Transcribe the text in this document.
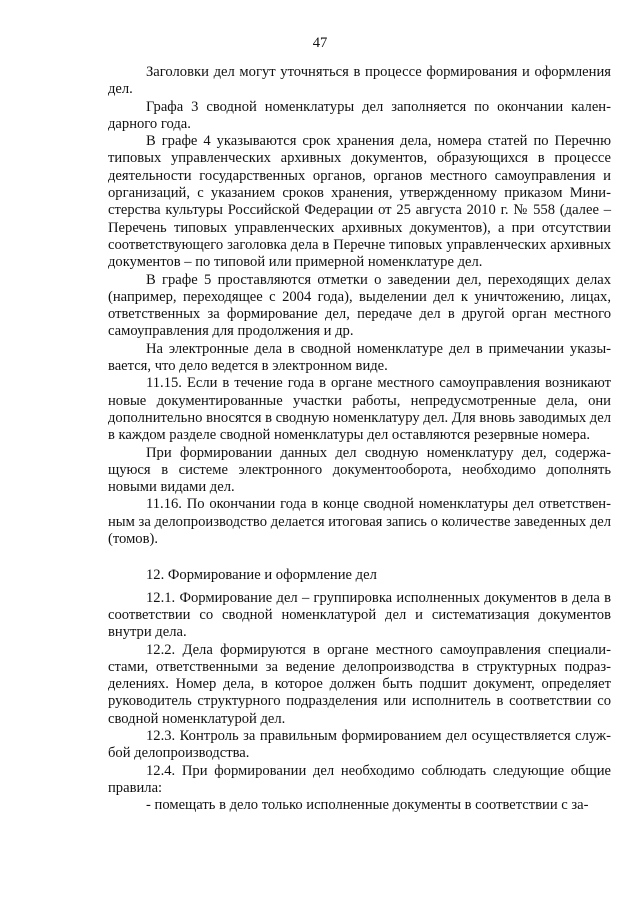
47

Заголовки дел могут уточняться в процессе формирования и оформления дел.

Графа 3 сводной номенклатуры дел заполняется по окончании календарного года.

В графе 4 указываются срок хранения дела, номера статей по Перечню типовых управленческих архивных документов, образующихся в процессе деятельности государственных органов, органов местного самоуправления и организаций, с указанием сроков хранения, утвержденному приказом Министерства культуры Российской Федерации от 25 августа 2010 г. № 558 (далее – Перечень типовых управленческих архивных документов), а при отсутствии соответствующего заголовка дела в Перечне типовых управленческих архивных документов – по типовой или примерной номенклатуре дел.

В графе 5 проставляются отметки о заведении дел, переходящих делах (например, переходящее с 2004 года), выделении дел к уничтожению, лицах, ответственных за формирование дел, передаче дел в другой орган местного самоуправления для продолжения и др.

На электронные дела в сводной номенклатуре дел в примечании указывается, что дело ведется в электронном виде.

11.15. Если в течение года в органе местного самоуправления возникают новые документированные участки работы, непредусмотренные дела, они дополнительно вносятся в сводную номенклатуру дел. Для вновь заводимых дел в каждом разделе сводной номенклатуры дел оставляются резервные номера.

При формировании данных дел сводную номенклатуру дел, содержащуюся в системе электронного документооборота, необходимо дополнять новыми видами дел.

11.16. По окончании года в конце сводной номенклатуры дел ответственным за делопроизводство делается итоговая запись о количестве заведенных дел (томов).

12. Формирование и оформление дел

12.1. Формирование дел – группировка исполненных документов в дела в соответствии со сводной номенклатурой дел и систематизация документов внутри дела.

12.2. Дела формируются в органе местного самоуправления специалистами, ответственными за ведение делопроизводства в структурных подразделениях. Номер дела, в которое должен быть подшит документ, определяет руководитель структурного подразделения или исполнитель в соответствии со сводной номенклатурой дел.

12.3. Контроль за правильным формированием дел осуществляется службой делопроизводства.

12.4. При формировании дел необходимо соблюдать следующие общие правила:

- помещать в дело только исполненные документы в соответствии с за-
